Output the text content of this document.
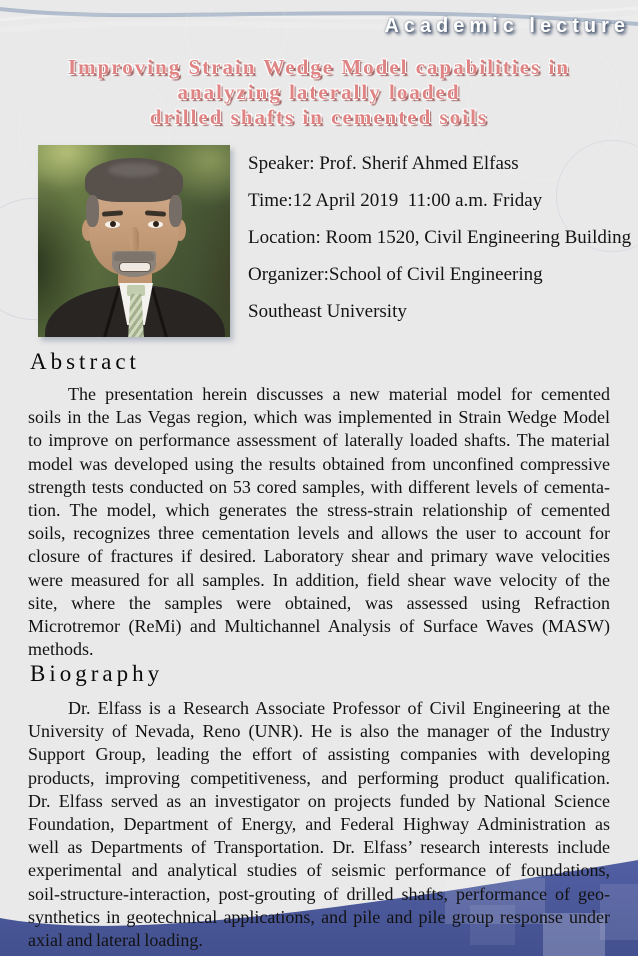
Academic lecture
Improving Strain Wedge Model capabilities in
analyzing laterally loaded
drilled shafts in cemented soils
Speaker: Prof. Sherif Ahmed Elfass
Time:12 April 2019  11:00 a.m. Friday
Location: Room 1520, Civil Engineering Building
Organizer:School of Civil Engineering
Southeast University
Abstract
The presentation herein discusses a new material model for cemented
soils in the Las Vegas region, which was implemented in Strain Wedge Model
to improve on performance assessment of laterally loaded shafts. The material
model was developed using the results obtained from unconfined compressive
strength tests conducted on 53 cored samples, with different levels of cementa-
tion. The model, which generates the stress-strain relationship of cemented
soils, recognizes three cementation levels and allows the user to account for
closure of fractures if desired. Laboratory shear and primary wave velocities
were measured for all samples. In addition, field shear wave velocity of the
site, where the samples were obtained, was assessed using Refraction
Microtremor (ReMi) and Multichannel Analysis of Surface Waves (MASW)
methods.
Biography
Dr. Elfass is a Research Associate Professor of Civil Engineering at the
University of Nevada, Reno (UNR). He is also the manager of the Industry
Support Group, leading the effort of assisting companies with developing
products, improving competitiveness, and performing product qualification.
Dr. Elfass served as an investigator on projects funded by National Science
Foundation, Department of Energy, and Federal Highway Administration as
well as Departments of Transportation. Dr. Elfass’ research interests include
experimental and analytical studies of seismic performance of foundations,
soil-structure-interaction, post-grouting of drilled shafts, performance of geo-
synthetics in geotechnical applications, and pile and pile group response under
axial and lateral loading.
